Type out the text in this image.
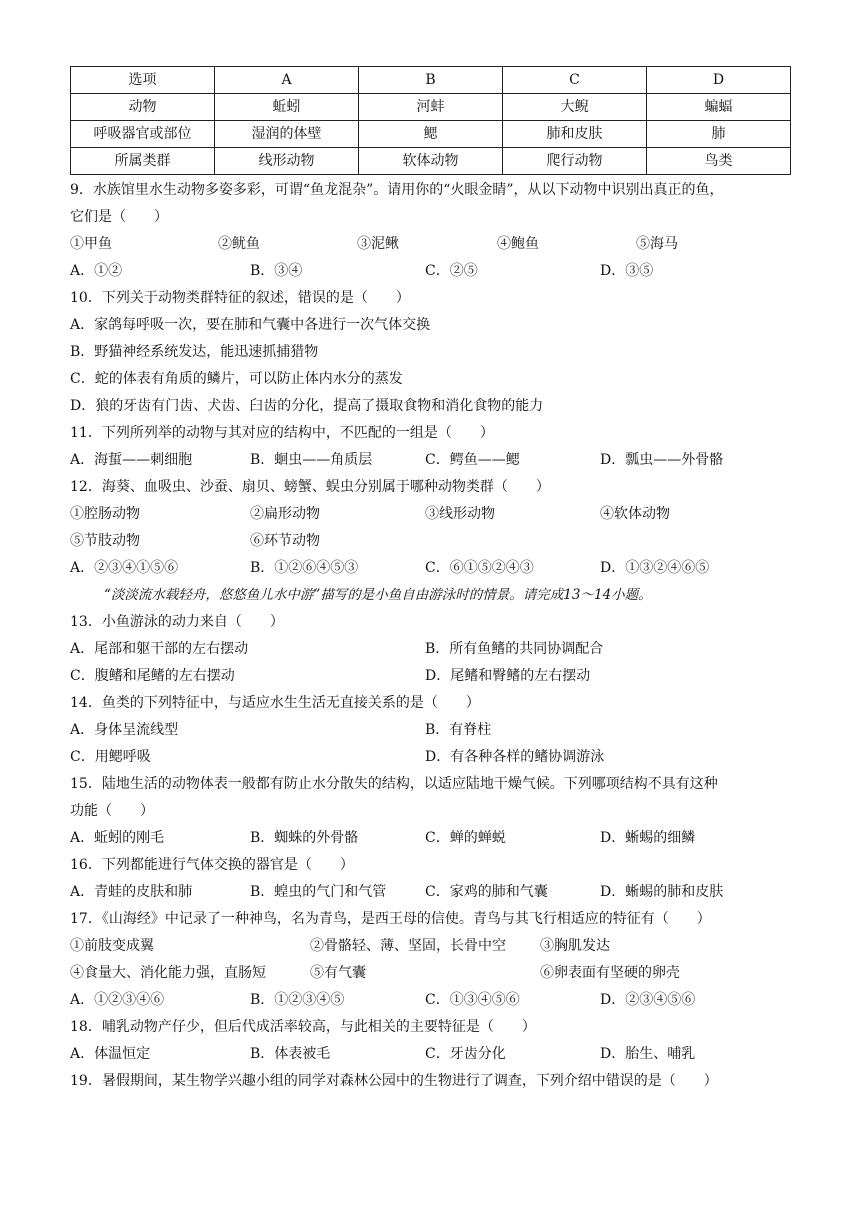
选项	A	B	C	D
动物	蚯蚓	河蚌	大鲵	蝙蝠
呼吸器官或部位	湿润的体壁	鳃	肺和皮肤	肺
所属类群	线形动物	软体动物	爬行动物	鸟类
9．水族馆里水生动物多姿多彩，可谓“鱼龙混杂”。请用你的“火眼金睛”，从以下动物中识别出真正的鱼，
它们是（　　）
①甲鱼	②鱿鱼	③泥鳅	④鲍鱼	⑤海马
A．①②	B．③④	C．②⑤	D．③⑤
10．下列关于动物类群特征的叙述，错误的是（　　）
A．家鸽每呼吸一次，要在肺和气囊中各进行一次气体交换
B．野猫神经系统发达，能迅速抓捕猎物
C．蛇的体表有角质的鳞片，可以防止体内水分的蒸发
D．狼的牙齿有门齿、犬齿、臼齿的分化，提高了摄取食物和消化食物的能力
11．下列所列举的动物与其对应的结构中，不匹配的一组是（　　）
A．海蜇——刺细胞	B．蛔虫——角质层	C．鳄鱼——鳃	D．瓢虫——外骨骼
12．海葵、血吸虫、沙蚕、扇贝、螃蟹、蜈虫分别属于哪种动物类群（　　）
①腔肠动物	②扁形动物	③线形动物	④软体动物
⑤节肢动物	⑥环节动物
A．②③④①⑤⑥	B．①②⑥④⑤③	C．⑥①⑤②④③	D．①③②④⑥⑤
“淡淡流水载轻舟，悠悠鱼儿水中游”描写的是小鱼自由游泳时的情景。请完成13～14小题。
13．小鱼游泳的动力来自（　　）
A．尾部和躯干部的左右摆动	B．所有鱼鳍的共同协调配合
C．腹鳍和尾鳍的左右摆动	D．尾鳍和臀鳍的左右摆动
14．鱼类的下列特征中，与适应水生生活无直接关系的是（　　）
A．身体呈流线型	B．有脊柱
C．用鳃呼吸	D．有各种各样的鳍协调游泳
15．陆地生活的动物体表一般都有防止水分散失的结构，以适应陆地干燥气候。下列哪项结构不具有这种
功能（　　）
A．蚯蚓的刚毛	B．蜘蛛的外骨骼	C．蝉的蝉蜕	D．蜥蜴的细鳞
16．下列都能进行气体交换的器官是（　　）
A．青蛙的皮肤和肺	B．蝗虫的气门和气管	C．家鸡的肺和气囊	D．蜥蜴的肺和皮肤
17．《山海经》中记录了一种神鸟，名为青鸟，是西王母的信使。青鸟与其飞行相适应的特征有（　　）
①前肢变成翼	②骨骼轻、薄、坚固，长骨中空 ③胸肌发达
④食量大、消化能力强，直肠短	⑤有气囊	⑥卵表面有坚硬的卵壳
A．①②③④⑥	B．①②③④⑤	C．①③④⑤⑥	D．②③④⑤⑥
18．哺乳动物产仔少，但后代成活率较高，与此相关的主要特征是（　　）
A．体温恒定	B．体表被毛	C．牙齿分化	D．胎生、哺乳
19．暑假期间，某生物学兴趣小组的同学对森林公园中的生物进行了调查，下列介绍中错误的是（　　）
